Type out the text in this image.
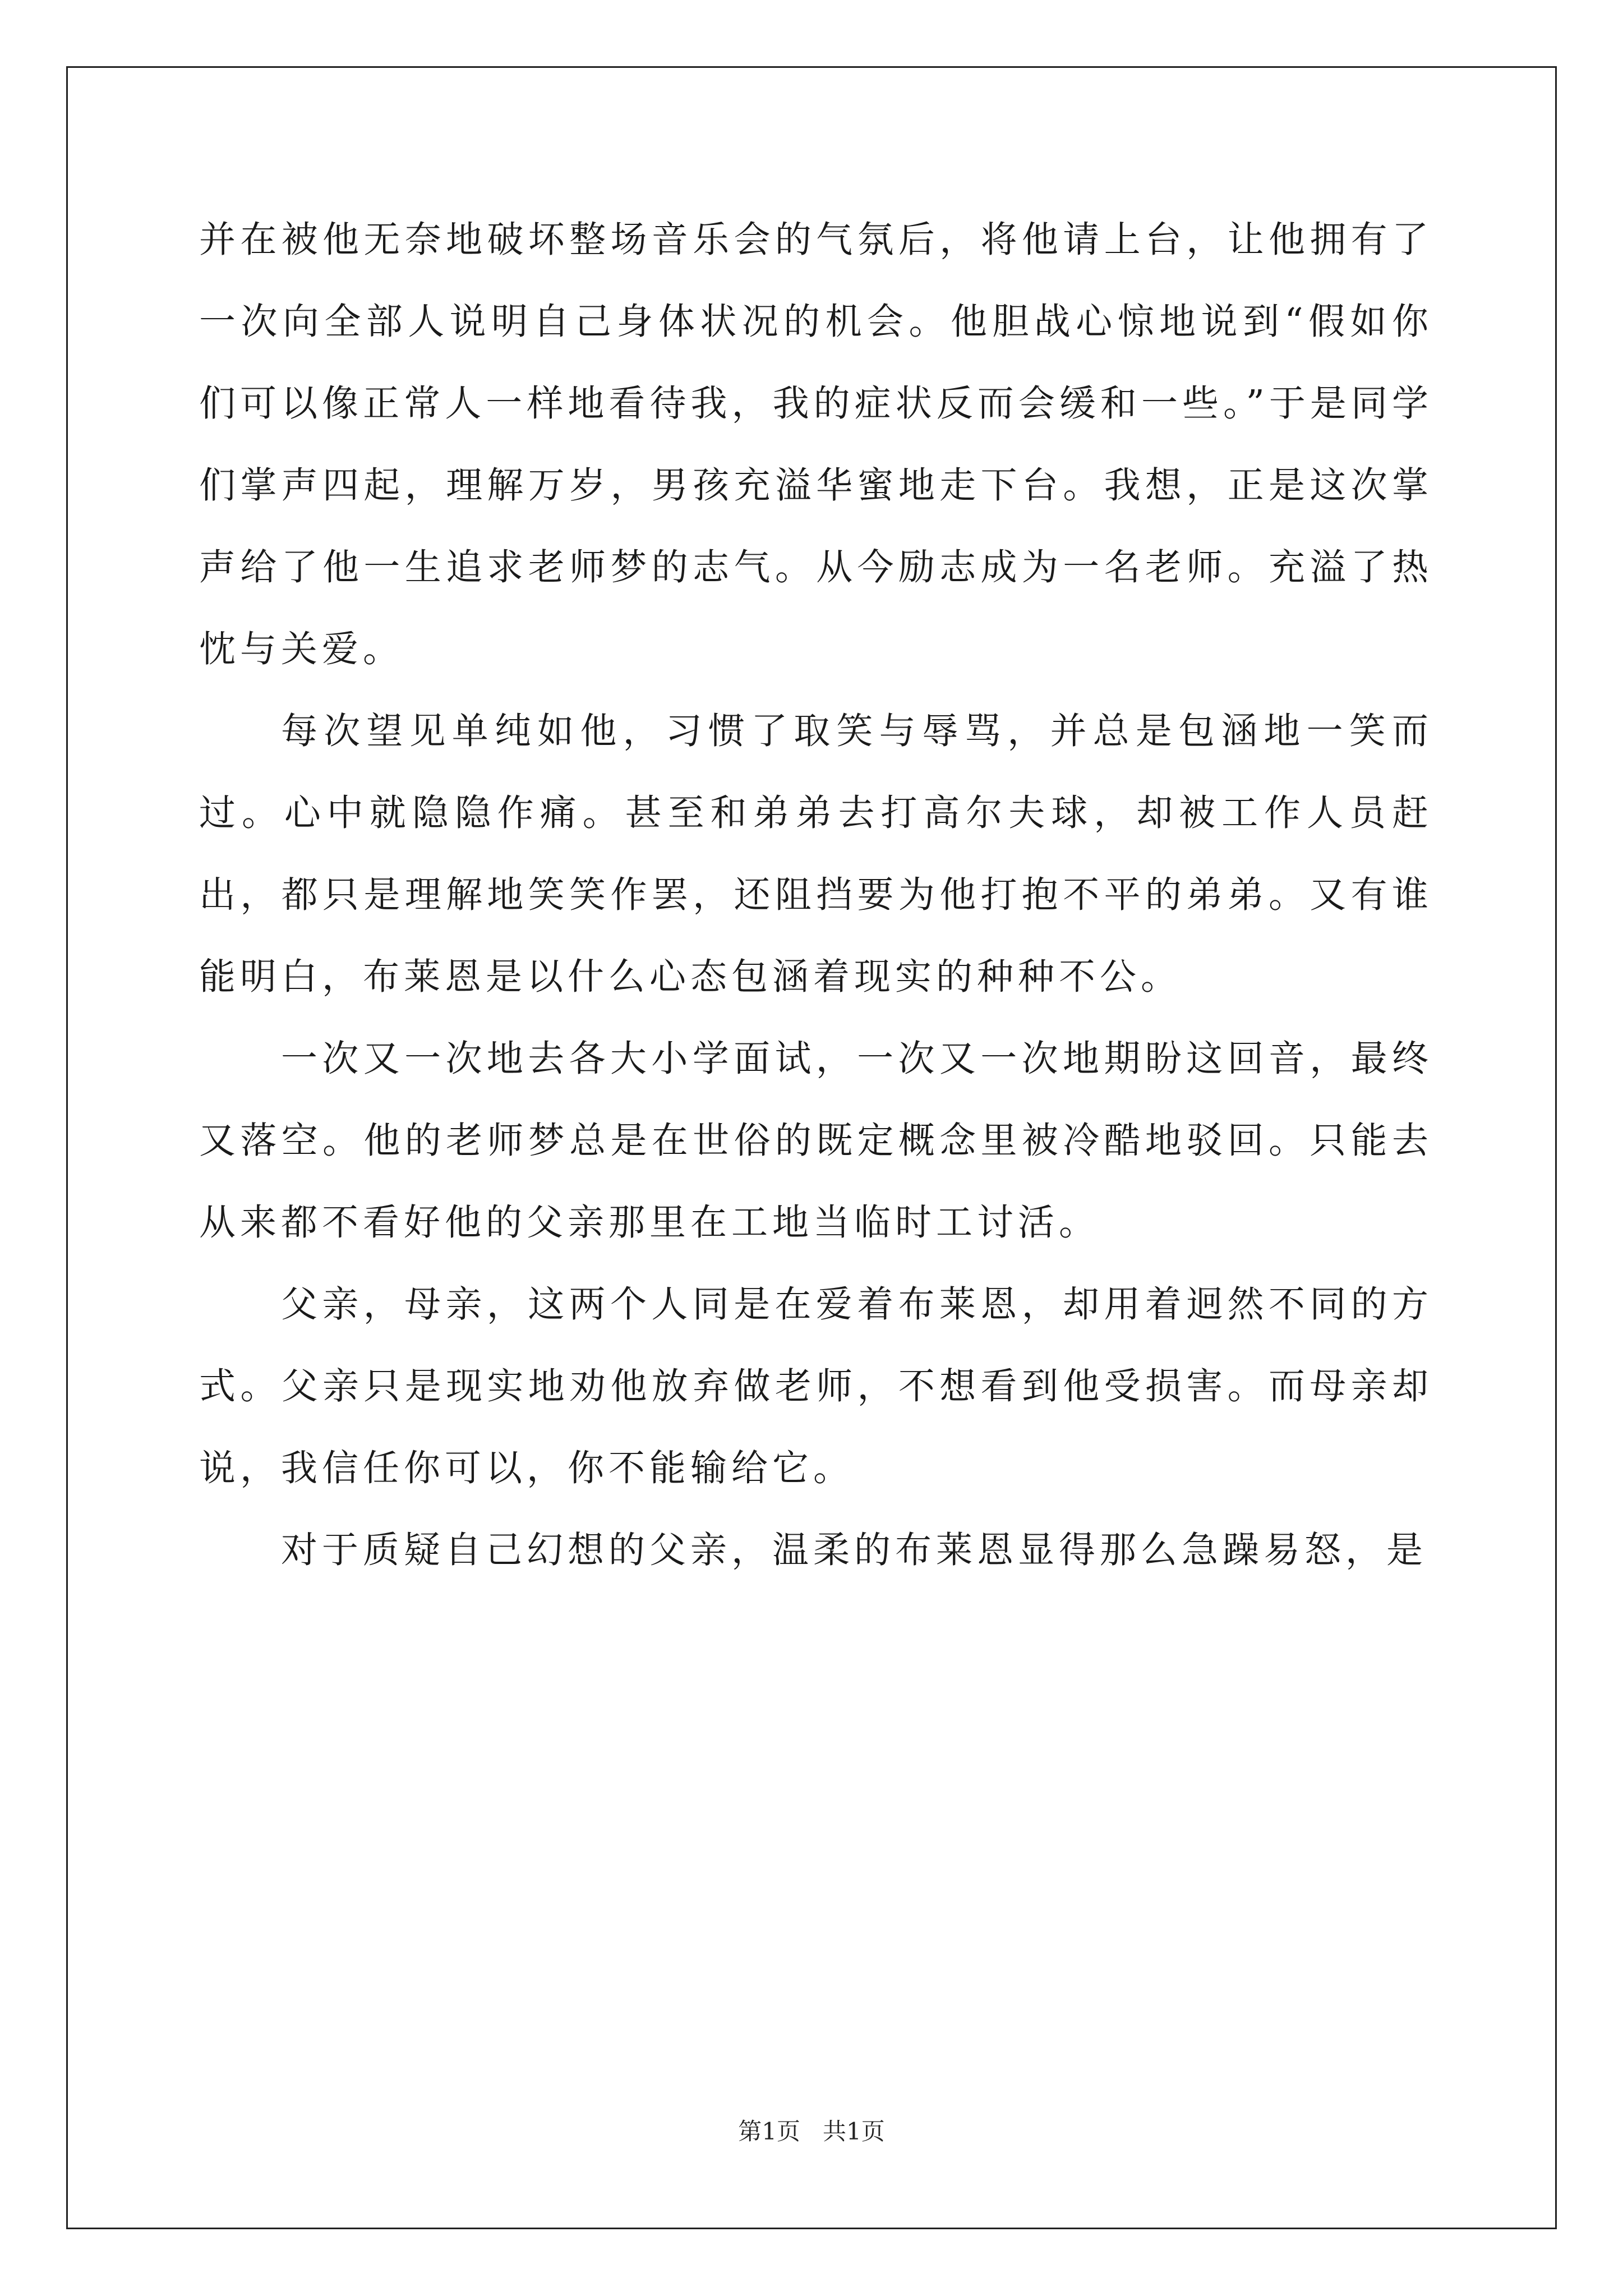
并在被他无奈地破坏整场音乐会的气氛后，将他请上台，让他拥有了一次向全部人说明自己身体状况的机会。他胆战心惊地说到“假如你们可以像正常人一样地看待我，我的症状反而会缓和一些。”于是同学们掌声四起，理解万岁，男孩充溢华蜜地走下台。我想，正是这次掌声给了他一生追求老师梦的志气。从今励志成为一名老师。充溢了热忱与关爱。

每次望见单纯如他，习惯了取笑与辱骂，并总是包涵地一笑而过。心中就隐隐作痛。甚至和弟弟去打高尔夫球，却被工作人员赶出，都只是理解地笑笑作罢，还阻挡要为他打抱不平的弟弟。又有谁能明白，布莱恩是以什么心态包涵着现实的种种不公。

一次又一次地去各大小学面试，一次又一次地期盼这回音，最终又落空。他的老师梦总是在世俗的既定概念里被冷酷地驳回。只能去从来都不看好他的父亲那里在工地当临时工讨活。

父亲，母亲，这两个人同是在爱着布莱恩，却用着迥然不同的方式。父亲只是现实地劝他放弃做老师，不想看到他受损害。而母亲却说，我信任你可以，你不能输给它。

对于质疑自己幻想的父亲，温柔的布莱恩显得那么急躁易怒，是

第1页 共1页
